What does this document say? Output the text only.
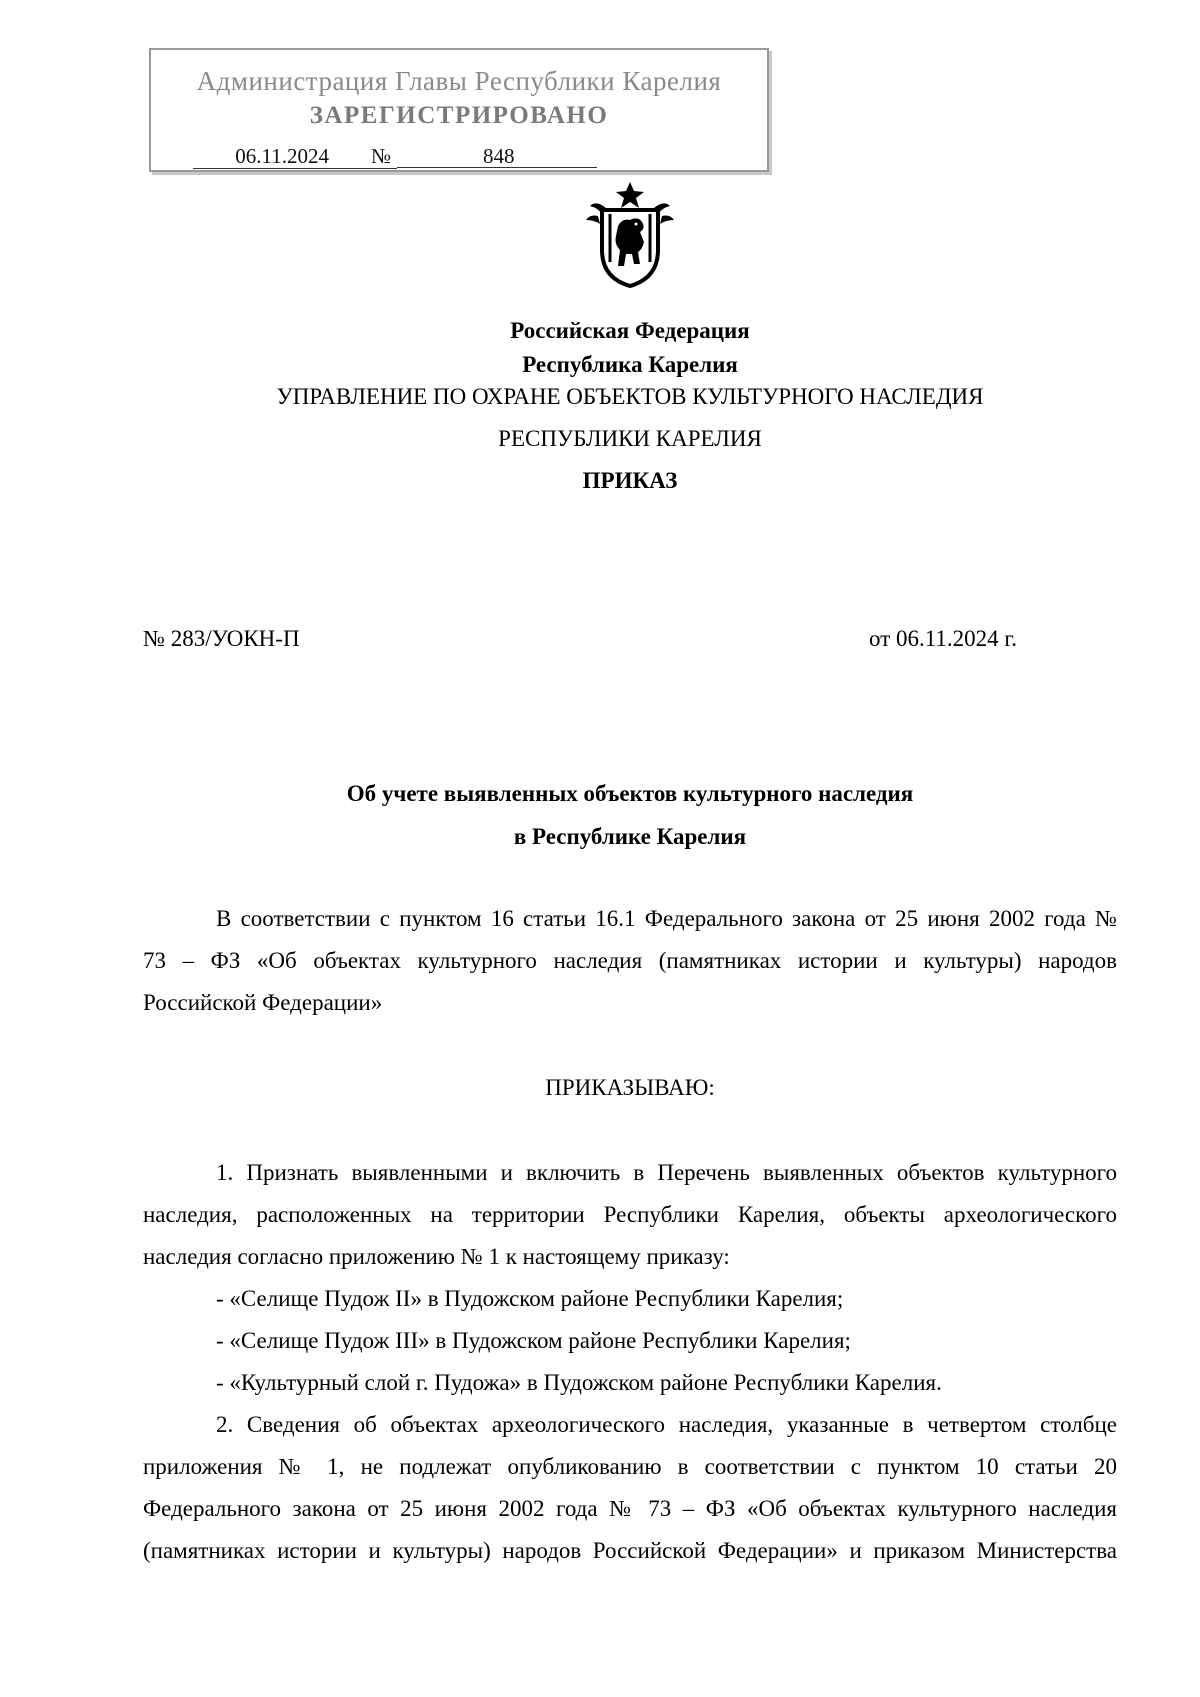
Администрация Главы Республики Карелия
ЗАРЕГИСТРИРОВАНО
06.11.2024 №	848
Российская Федерация
Республика Карелия
УПРАВЛЕНИЕ ПО ОХРАНЕ ОБЪЕКТОВ КУЛЬТУРНОГО НАСЛЕДИЯ
РЕСПУБЛИКИ КАРЕЛИЯ
ПРИКАЗ
№ 283/УОКН-П	от 06.11.2024 г.
Об учете выявленных объектов культурного наследия
в Республике Карелия
В соответствии с пунктом 16 статьи 16.1 Федерального закона от 25 июня 2002 года №
73 – ФЗ «Об объектах культурного наследия (памятниках истории и культуры) народов
Российской Федерации»
ПРИКАЗЫВАЮ:
1. Признать выявленными и включить в Перечень выявленных объектов культурного
наследия, расположенных на территории Республики Карелия, объекты археологического
наследия согласно приложению № 1 к настоящему приказу:
- «Селище Пудож II» в Пудожском районе Республики Карелия;
- «Селище Пудож III» в Пудожском районе Республики Карелия;
- «Культурный слой г. Пудожа» в Пудожском районе Республики Карелия.
2. Сведения об объектах археологического наследия, указанные в четвертом столбце
приложения № 1, не подлежат опубликованию в соответствии с пунктом 10 статьи 20
Федерального закона от 25 июня 2002 года № 73 – ФЗ «Об объектах культурного наследия
(памятниках истории и культуры) народов Российской Федерации» и приказом Министерства
